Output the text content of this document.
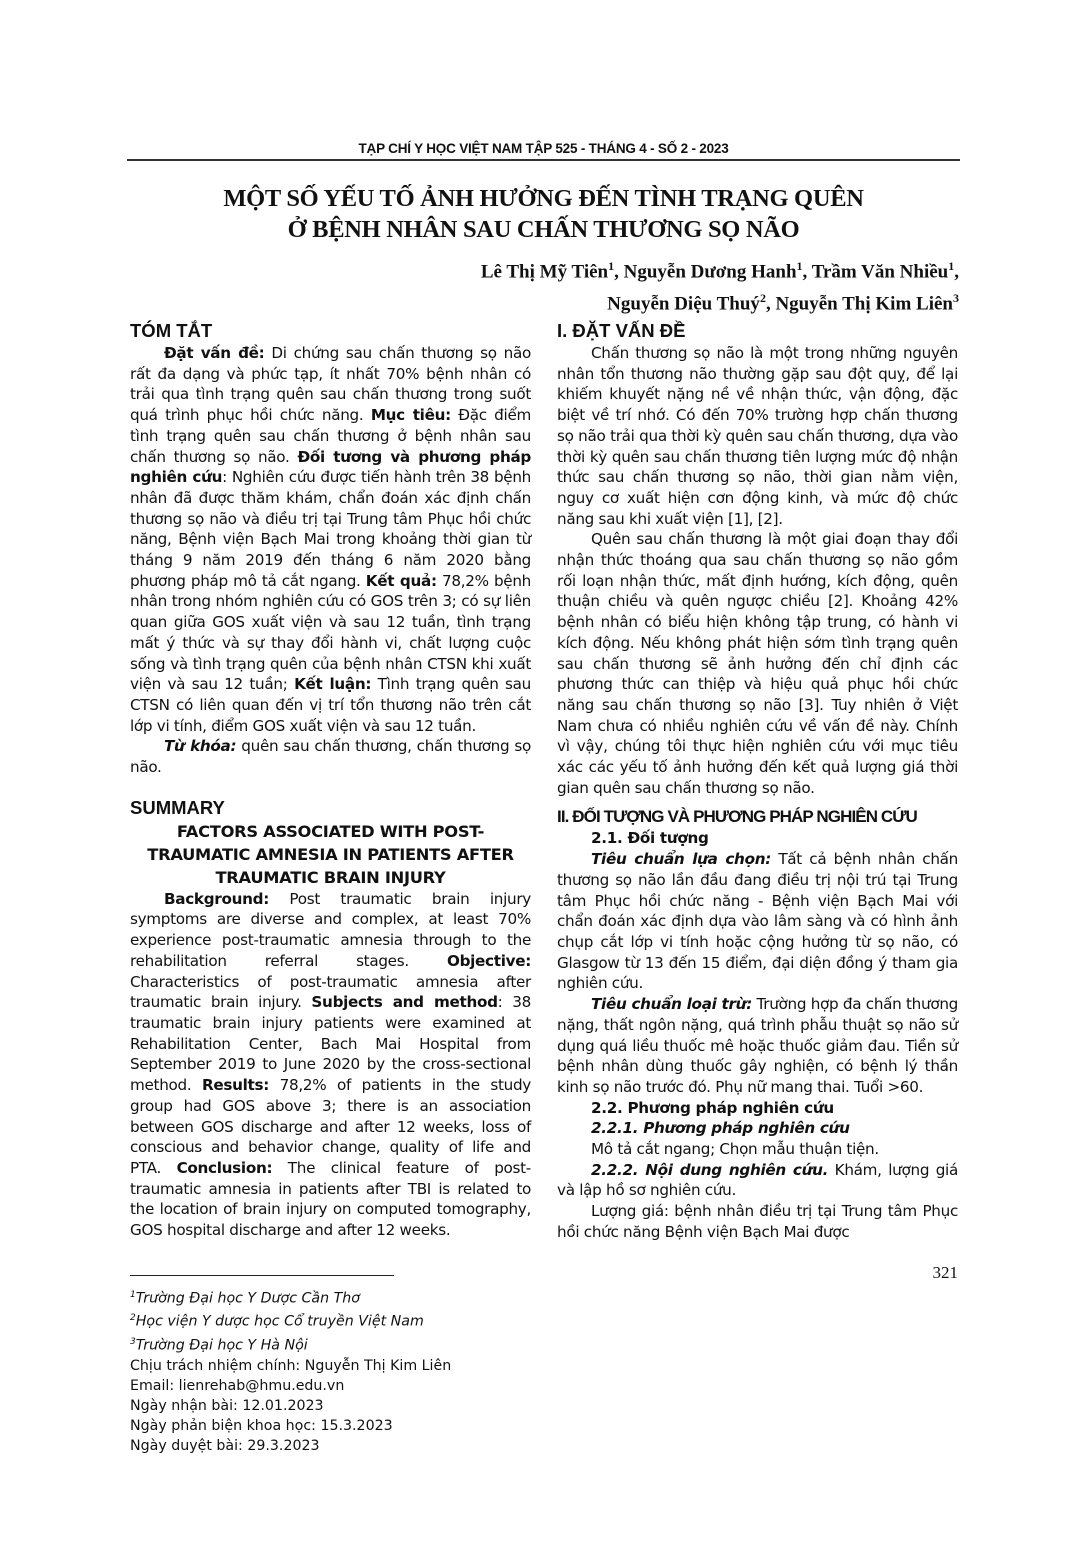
TẠP CHÍ Y HỌC VIỆT NAM TẬP 525 - THÁNG 4 - SỐ 2 - 2023
MỘT SỐ YẾU TỐ ẢNH HƯỞNG ĐẾN TÌNH TRẠNG QUÊN
Ở BỆNH NHÂN SAU CHẤN THƯƠNG SỌ NÃO
Lê Thị Mỹ Tiên$^1$, Nguyễn Dương Hanh$^1$, Trầm Văn Nhiều$^1$,
Nguyễn Diệu Thuý$^2$, Nguyễn Thị Kim Liên$^3$
TÓM TẮT

Đặt vấn đề: Di chứng sau chấn thương sọ não rất đa dạng và phức tạp, ít nhất 70% bệnh nhân có trải qua tình trạng quên sau chấn thương trong suốt quá trình phục hồi chức năng. Mục tiêu: Đặc điểm tình trạng quên sau chấn thương ở bệnh nhân sau chấn thương sọ não. Đối tương và phương pháp nghiên cứu: Nghiên cứu được tiến hành trên 38 bệnh nhân đã được thăm khám, chẩn đoán xác định chấn thương sọ não và điều trị tại Trung tâm Phục hồi chức năng, Bệnh viện Bạch Mai trong khoảng thời gian từ tháng 9 năm 2019 đến tháng 6 năm 2020 bằng phương pháp mô tả cắt ngang. Kết quả: 78,2% bệnh nhân trong nhóm nghiên cứu có GOS trên 3; có sự liên quan giữa GOS xuất viện và sau 12 tuần, tình trạng mất ý thức và sự thay đổi hành vi, chất lượng cuộc sống và tình trạng quên của bệnh nhân CTSN khi xuất viện và sau 12 tuần; Kết luận: Tình trạng quên sau CTSN có liên quan đến vị trí tổn thương não trên cắt lớp vi tính, điểm GOS xuất viện và sau 12 tuần.

Từ khóa: quên sau chấn thương, chấn thương sọ não.

SUMMARY
FACTORS ASSOCIATED WITH POST-TRAUMATIC AMNESIA IN PATIENTS AFTER TRAUMATIC BRAIN INJURY

Background: Post traumatic brain injury symptoms are diverse and complex, at least 70% experience post-traumatic amnesia through to the rehabilitation referral stages. Objective: Characteristics of post-traumatic amnesia after traumatic brain injury. Subjects and method: 38 traumatic brain injury patients were examined at Rehabilitation Center, Bach Mai Hospital from September 2019 to June 2020 by the cross-sectional method. Results: 78,2% of patients in the study group had GOS above 3; there is an association between GOS discharge and after 12 weeks, loss of conscious and behavior change, quality of life and PTA. Conclusion: The clinical feature of post-traumatic amnesia in patients after TBI is related to the location of brain injury on computed tomography, GOS hospital discharge and after 12 weeks.

$^1$Trường Đại học Y Dược Cần Thơ
$^2$Học viện Y dược học Cổ truyền Việt Nam
$^3$Trường Đại học Y Hà Nội
Chịu trách nhiệm chính: Nguyễn Thị Kim Liên
Email: lienrehab@hmu.edu.vn
Ngày nhận bài: 12.01.2023
Ngày phản biện khoa học: 15.3.2023
Ngày duyệt bài: 29.3.2023
I. ĐẶT VẤN ĐỀ

Chấn thương sọ não là một trong những nguyên nhân tổn thương não thường gặp sau đột quỵ, để lại khiếm khuyết nặng nề về nhận thức, vận động, đặc biệt về trí nhớ. Có đến 70% trường hợp chấn thương sọ não trải qua thời kỳ quên sau chấn thương, dựa vào thời kỳ quên sau chấn thương tiên lượng mức độ nhận thức sau chấn thương sọ não, thời gian nằm viện, nguy cơ xuất hiện cơn động kinh, và mức độ chức năng sau khi xuất viện [1], [2].

Quên sau chấn thương là một giai đoạn thay đổi nhận thức thoáng qua sau chấn thương sọ não gồm rối loạn nhận thức, mất định hướng, kích động, quên thuận chiều và quên ngược chiều [2]. Khoảng 42% bệnh nhân có biểu hiện không tập trung, có hành vi kích động. Nếu không phát hiện sớm tình trạng quên sau chấn thương sẽ ảnh hưởng đến chỉ định các phương thức can thiệp và hiệu quả phục hồi chức năng sau chấn thương sọ não [3]. Tuy nhiên ở Việt Nam chưa có nhiều nghiên cứu về vấn đề này. Chính vì vậy, chúng tôi thực hiện nghiên cứu với mục tiêu xác các yếu tố ảnh hưởng đến kết quả lượng giá thời gian quên sau chấn thương sọ não.

II. ĐỐI TƯỢNG VÀ PHƯƠNG PHÁP NGHIÊN CỨU
2.1. Đối tượng

Tiêu chuẩn lựa chọn: Tất cả bệnh nhân chấn thương sọ não lần đầu đang điều trị nội trú tại Trung tâm Phục hồi chức năng - Bệnh viện Bạch Mai với chẩn đoán xác định dựa vào lâm sàng và có hình ảnh chụp cắt lớp vi tính hoặc cộng hưởng từ sọ não, có Glasgow từ 13 đến 15 điểm, đại diện đồng ý tham gia nghiên cứu.

Tiêu chuẩn loại trừ: Trường hợp đa chấn thương nặng, thất ngôn nặng, quá trình phẫu thuật sọ não sử dụng quá liều thuốc mê hoặc thuốc giảm đau. Tiền sử bệnh nhân dùng thuốc gây nghiện, có bệnh lý thần kinh sọ não trước đó. Phụ nữ mang thai. Tuổi >60.

2.2. Phương pháp nghiên cứu
2.2.1. Phương pháp nghiên cứu

Mô tả cắt ngang; Chọn mẫu thuận tiện.

2.2.2. Nội dung nghiên cứu. Khám, lượng giá và lập hồ sơ nghiên cứu.

Lượng giá: bệnh nhân điều trị tại Trung tâm Phục hồi chức năng Bệnh viện Bạch Mai được

321
